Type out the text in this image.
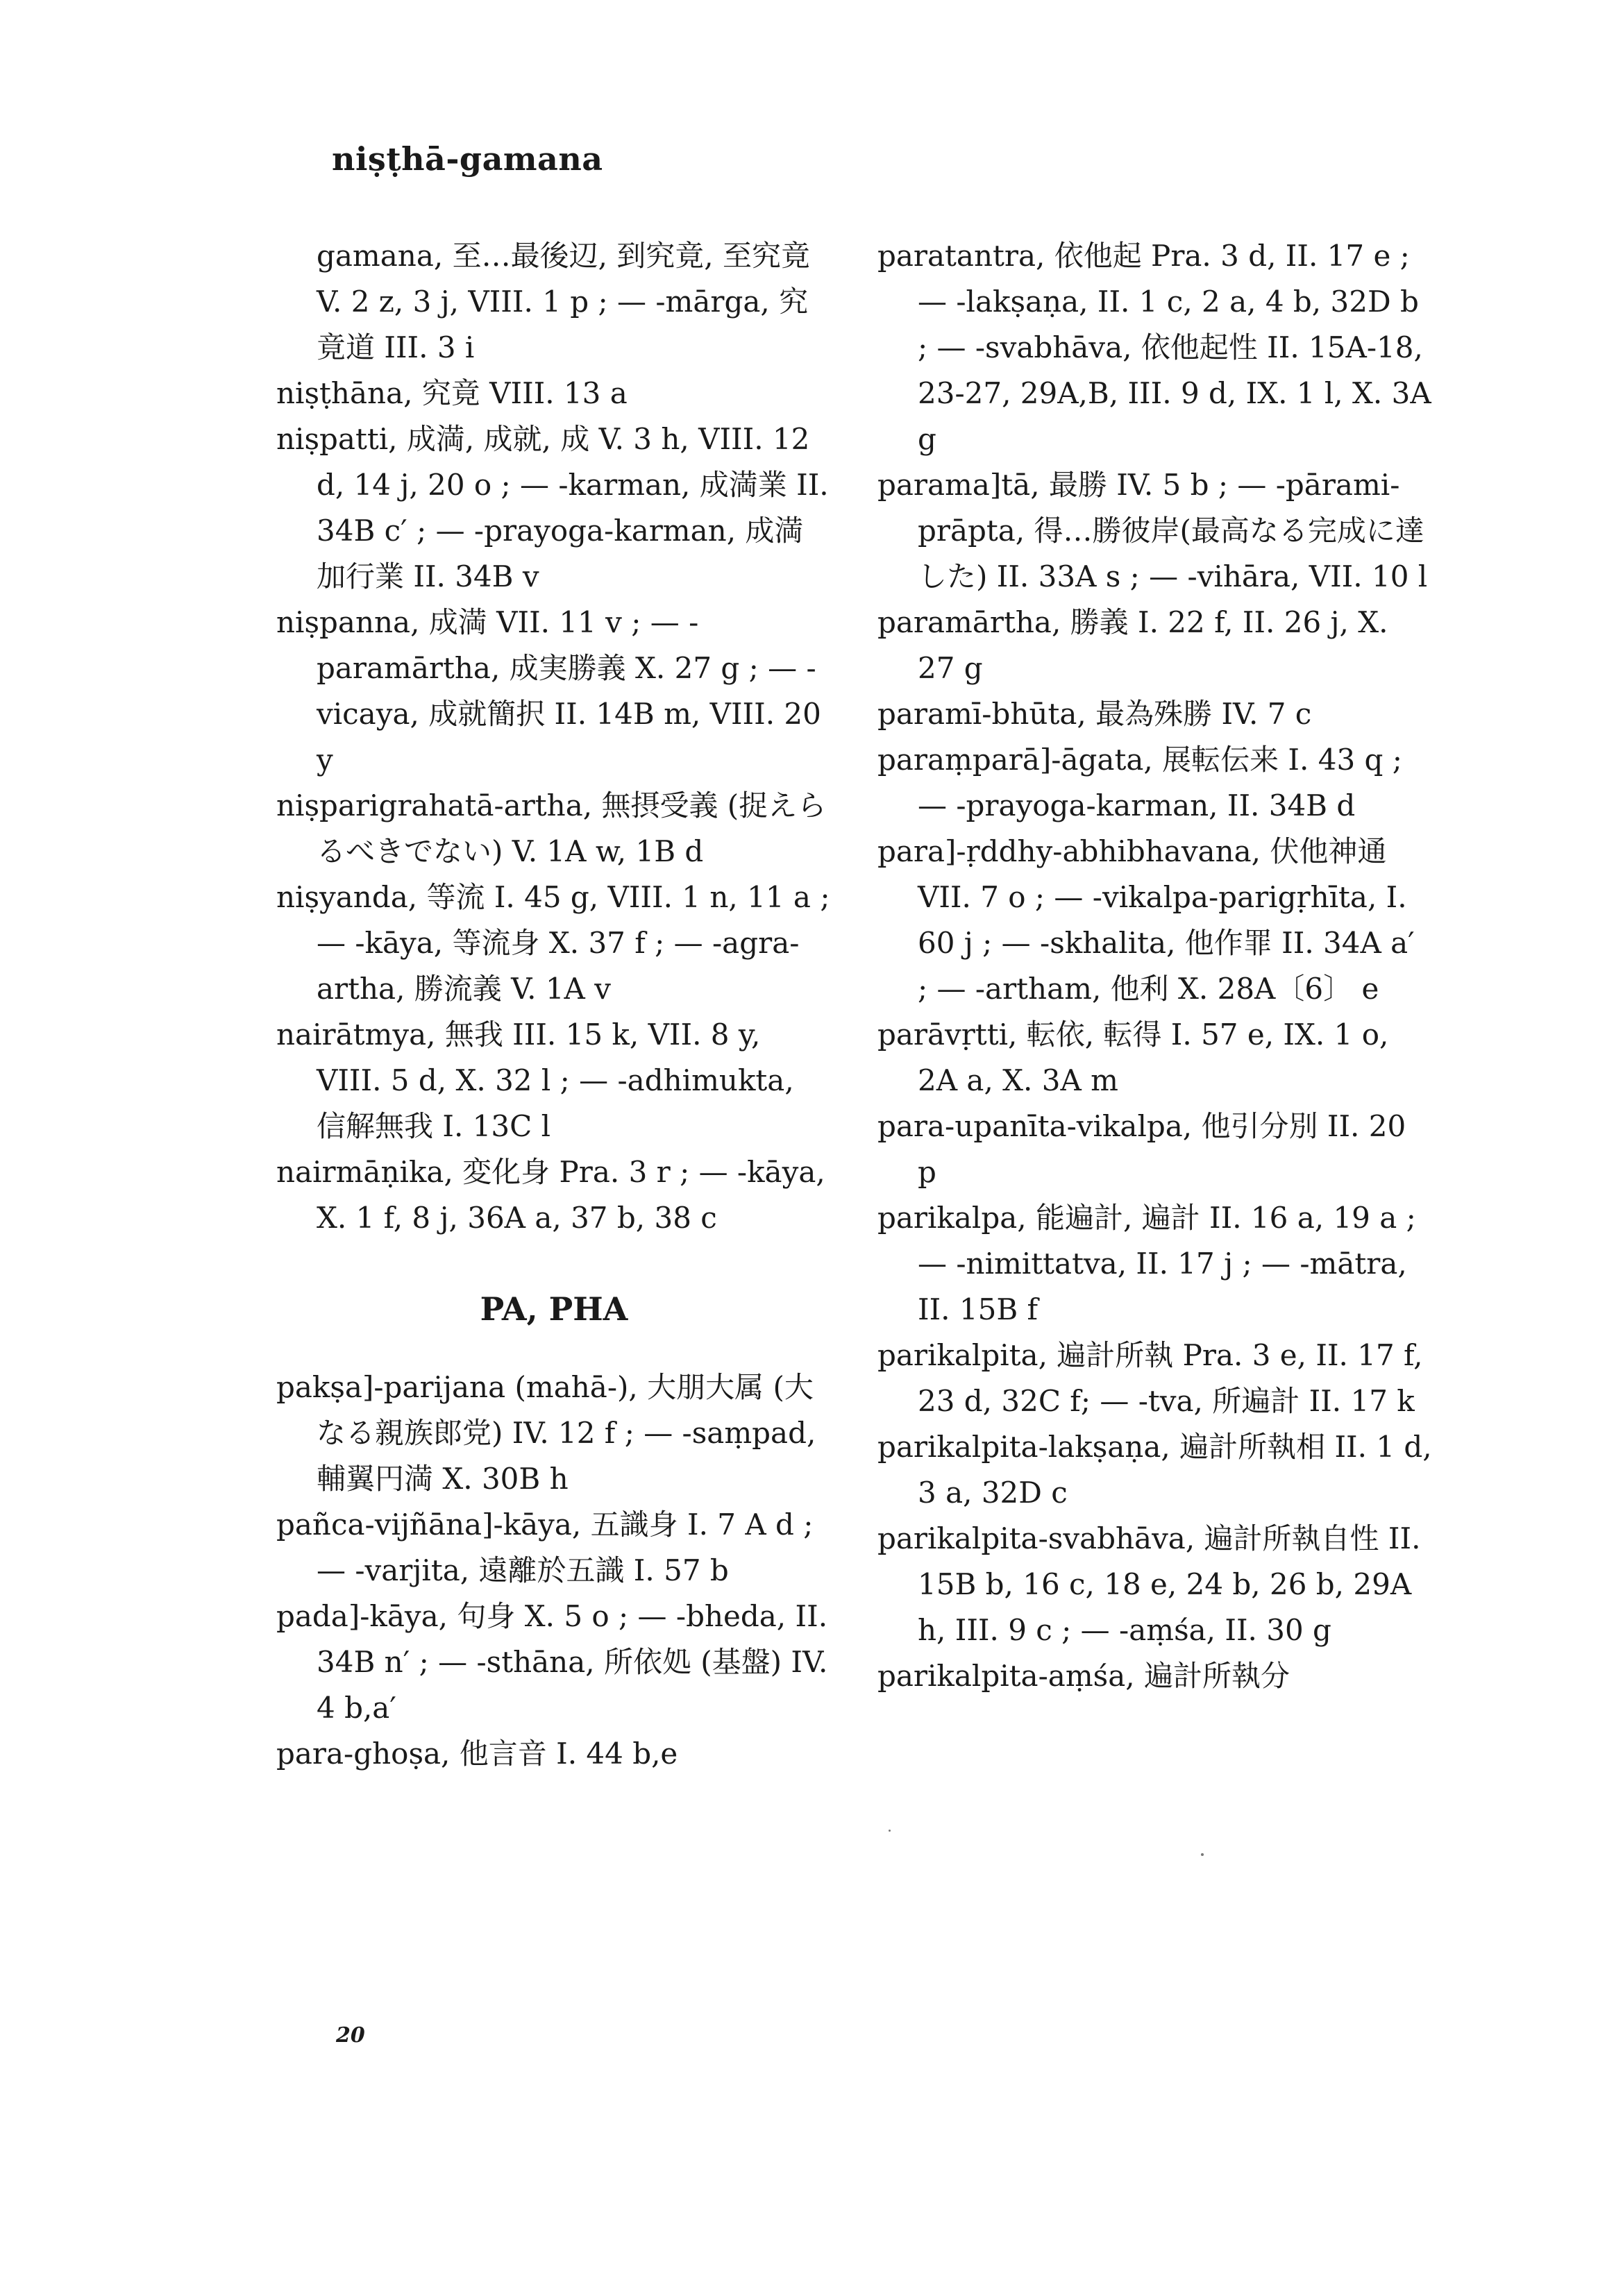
niṣṭhā-gamana

gamana, 至…最後辺, 到究竟, 至究竟 V. 2 z, 3 j, VIII. 1 p ; — -mārga, 究竟道 III. 3 i

niṣṭhāna, 究竟 VIII. 13 a

niṣpatti, 成満, 成就, 成 V. 3 h, VIII. 12 d, 14 j, 20 o ; — -karman, 成満業 II. 34B c′ ; — -prayoga-karman, 成満加行業 II. 34B v

niṣpanna, 成満 VII. 11 v ; — -paramārtha, 成実勝義 X. 27 g ; — -vicaya, 成就簡択 II. 14B m, VIII. 20 y

niṣparigrahatā-artha, 無摂受義 (捉えらるべきでない) V. 1A w, 1B d

niṣyanda, 等流 I. 45 g, VIII. 1 n, 11 a ; — -kāya, 等流身 X. 37 f ; — -agra-artha, 勝流義 V. 1A v

nairātmya, 無我 III. 15 k, VII. 8 y, VIII. 5 d, X. 32 l ; — -adhimukta, 信解無我 I. 13C l

nairmāṇika, 変化身 Pra. 3 r ; — -kāya, X. 1 f, 8 j, 36A a, 37 b, 38 c

PA, PHA

pakṣa]-parijana (mahā-), 大朋大属 (大なる親族郎党) IV. 12 f ; — -saṃpad, 輔翼円満 X. 30B h

pañca-vijñāna]-kāya, 五識身 I. 7 A d ; — -varjita, 遠離於五識 I. 57 b

pada]-kāya, 句身 X. 5 o ; — -bheda, II. 34B n′ ; — -sthāna, 所依処 (基盤) IV. 4 b,a′

para-ghoṣa, 他言音 I. 44 b,e

paratantra, 依他起 Pra. 3 d, II. 17 e ; — -lakṣaṇa, II. 1 c, 2 a, 4 b, 32D b ; — -svabhāva, 依他起性 II. 15A-18, 23-27, 29A,B, III. 9 d, IX. 1 l, X. 3A g

parama]tā, 最勝 IV. 5 b ; — -pārami-prāpta, 得…勝彼岸(最高なる完成に達した) II. 33A s ; — -vihāra, VII. 10 l

paramārtha, 勝義 I. 22 f, II. 26 j, X. 27 g

paramī-bhūta, 最為殊勝 IV. 7 c

paraṃparā]-āgata, 展転伝来 I. 43 q ; — -prayoga-karman, II. 34B d

para]-ṛddhy-abhibhavana, 伏他神通 VII. 7 o ; — -vikalpa-parigṛhīta, I. 60 j ; — -skhalita, 他作罪 II. 34A a′ ; — -artham, 他利 X. 28A〔6〕 e

parāvṛtti, 転依, 転得 I. 57 e, IX. 1 o, 2A a, X. 3A m

para-upanīta-vikalpa, 他引分別 II. 20 p

parikalpa, 能遍計, 遍計 II. 16 a, 19 a ; — -nimittatva, II. 17 j ; — -mātra, II. 15B f

parikalpita, 遍計所執 Pra. 3 e, II. 17 f, 23 d, 32C f; — -tva, 所遍計 II. 17 k

parikalpita-lakṣaṇa, 遍計所執相 II. 1 d, 3 a, 32D c

parikalpita-svabhāva, 遍計所執自性 II. 15B b, 16 c, 18 e, 24 b, 26 b, 29A h, III. 9 c ; — -aṃśa, II. 30 g

parikalpita-aṃśa, 遍計所執分

20
